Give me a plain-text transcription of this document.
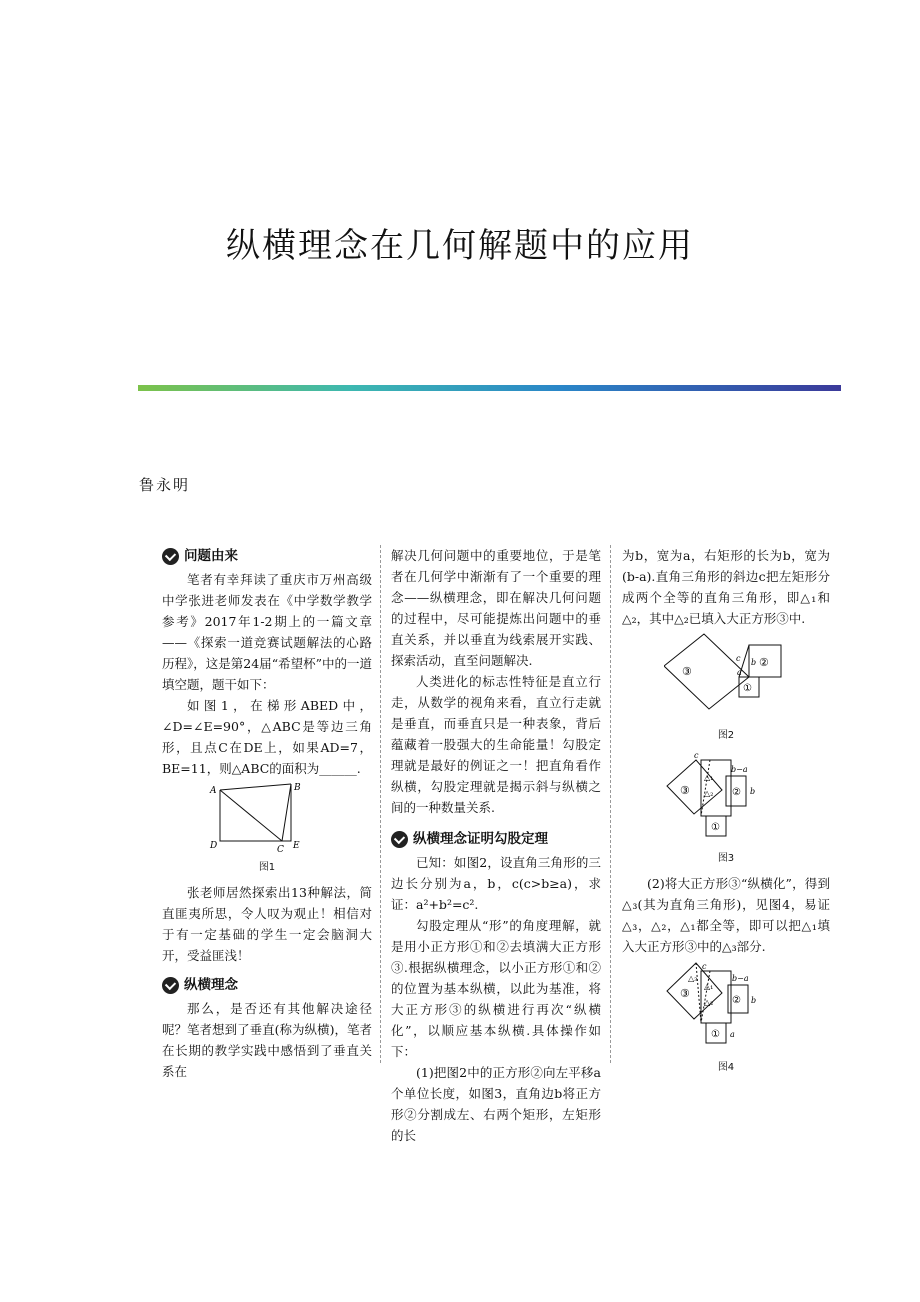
纵横理念在几何解题中的应用
鲁永明
问题由来

笔者有幸拜读了重庆市万州高级中学张进老师发表在《中学数学教学参考》2017年1-2期上的一篇文章——《探索一道竞赛试题解法的心路历程》，这是第24届“希望杯”中的一道填空题，题干如下：

如图1，在梯形ABED中，∠D=∠E=90°，△ABC是等边三角形，且点C在DE上，如果AD=7，BE=11，则△ABC的面积为______.

A	B
C
D	E
图1

张老师居然探索出13种解法，简直匪夷所思，令人叹为观止！相信对于有一定基础的学生一定会脑洞大开，受益匪浅！

纵横理念

那么，是否还有其他解决途径呢？笔者想到了垂直(称为纵横)，笔者在长期的教学实践中感悟到了垂直关系在

解决几何问题中的重要地位，于是笔者在几何学中渐渐有了一个重要的理念——纵横理念，即在解决几何问题的过程中，尽可能提炼出问题中的垂直关系，并以垂直为线索展开实践、探索活动，直至问题解决.

人类进化的标志性特征是直立行走，从数学的视角来看，直立行走就是垂直，而垂直只是一种表象，背后蕴藏着一股强大的生命能量！勾股定理就是最好的例证之一！把直角看作纵横，勾股定理就是揭示斜与纵横之间的一种数量关系.

纵横理念证明勾股定理

已知：如图2，设直角三角形的三边长分别为a，b，c(c>b≥a)，求证：a²+b²=c².

勾股定理从“形”的角度理解，就是用小正方形①和②去填满大正方形③.根据纵横理念，以小正方形①和②的位置为基本纵横，以此为基准，将大正方形③的纵横进行再次“纵横化”，以顺应基本纵横.具体操作如下：

(1)把图2中的正方形②向左平移a个单位长度，如图3，直角边b将正方形②分割成左、右两个矩形，左矩形的长

为b，宽为a，右矩形的长为b，宽为(b-a).直角三角形的斜边c把左矩形分成两个全等的直角三角形，即△₁和△₂，其中△₂已填入大正方形③中.

③
②
①
c b
a
图2
③	②
①
△₁
△₂
c
b−a
b
图3

(2)将大正方形③“纵横化”，得到△₃(其为直角三角形)，见图4，易证△₃，△₂，△₁都全等，即可以把△₁填入大正方形③中的△₃部分.

③
②
①
△₃
△₁
△₂
c
b−a
b
a
图4
